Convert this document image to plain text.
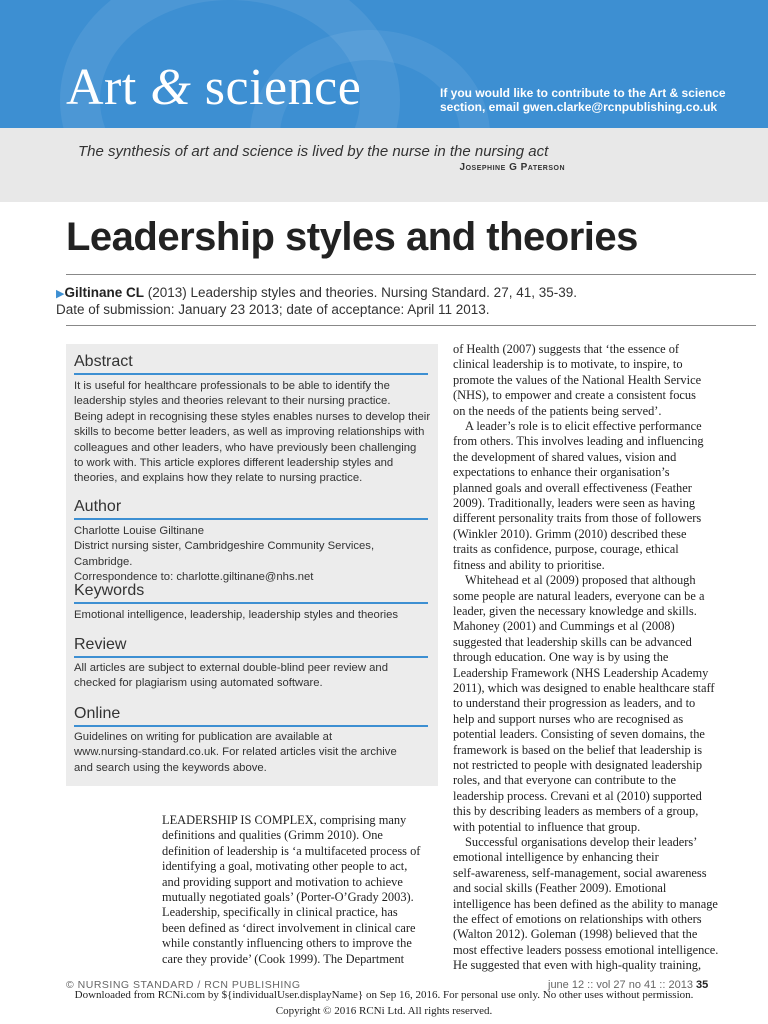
Art & science	If you would like to contribute to the Art & science
section, email gwen.clarke@rcnpublishing.co.uk
The synthesis of art and science is lived by the nurse in the nursing act
Josephine G Paterson
Leadership styles and theories
▶Giltinane CL (2013) Leadership styles and theories. Nursing Standard. 27, 41, 35-39.
Date of submission: January 23 2013; date of acceptance: April 11 2013.
Abstract
It is useful for healthcare professionals to be able to identify the
leadership styles and theories relevant to their nursing practice.
Being adept in recognising these styles enables nurses to develop their
skills to become better leaders, as well as improving relationships with
colleagues and other leaders, who have previously been challenging
to work with. This article explores different leadership styles and
theories, and explains how they relate to nursing practice.
Author
Charlotte Louise Giltinane
District nursing sister, Cambridgeshire Community Services, Cambridge.
Correspondence to: charlotte.giltinane@nhs.net
Keywords
Emotional intelligence, leadership, leadership styles and theories
Review
All articles are subject to external double-blind peer review and
checked for plagiarism using automated software.
Online
Guidelines on writing for publication are available at
www.nursing-standard.co.uk. For related articles visit the archive
and search using the keywords above.

LEADERSHIP IS COMPLEX, comprising many

definitions and qualities (Grimm 2010). One

definition of leadership is ‘a multifaceted process of

identifying a goal, motivating other people to act,

and providing support and motivation to achieve

mutually negotiated goals’ (Porter-O’Grady 2003).

Leadership, specifically in clinical practice, has

been defined as ‘direct involvement in clinical care

while constantly influencing others to improve the

care they provide’ (Cook 1999). The Department

of Health (2007) suggests that ‘the essence of

clinical leadership is to motivate, to inspire, to

promote the values of the National Health Service

(NHS), to empower and create a consistent focus

on the needs of the patients being served’.

A leader’s role is to elicit effective performance

from others. This involves leading and influencing

the development of shared values, vision and

expectations to enhance their organisation’s

planned goals and overall effectiveness (Feather

2009). Traditionally, leaders were seen as having

different personality traits from those of followers

(Winkler 2010). Grimm (2010) described these

traits as confidence, purpose, courage, ethical

fitness and ability to prioritise.

Whitehead et al (2009) proposed that although

some people are natural leaders, everyone can be a

leader, given the necessary knowledge and skills.

Mahoney (2001) and Cummings et al (2008)

suggested that leadership skills can be advanced

through education. One way is by using the

Leadership Framework (NHS Leadership Academy

2011), which was designed to enable healthcare staff

to understand their progression as leaders, and to

help and support nurses who are recognised as

potential leaders. Consisting of seven domains, the

framework is based on the belief that leadership is

not restricted to people with designated leadership

roles, and that everyone can contribute to the

leadership process. Crevani et al (2010) supported

this by describing leaders as members of a group,

with potential to influence that group.

Successful organisations develop their leaders’

emotional intelligence by enhancing their

self-awareness, self-management, social awareness

and social skills (Feather 2009). Emotional

intelligence has been defined as the ability to manage

the effect of emotions on relationships with others

(Walton 2012). Goleman (1998) believed that the

most effective leaders possess emotional intelligence.

He suggested that even with high-quality training,

© NURSING STANDARD / RCN PUBLISHING	june 12 :: vol 27 no 41 :: 2013 35
Downloaded from RCNi.com by ${individualUser.displayName} on Sep 16, 2016. For personal use only. No other uses without permission.
Copyright © 2016 RCNi Ltd. All rights reserved.
